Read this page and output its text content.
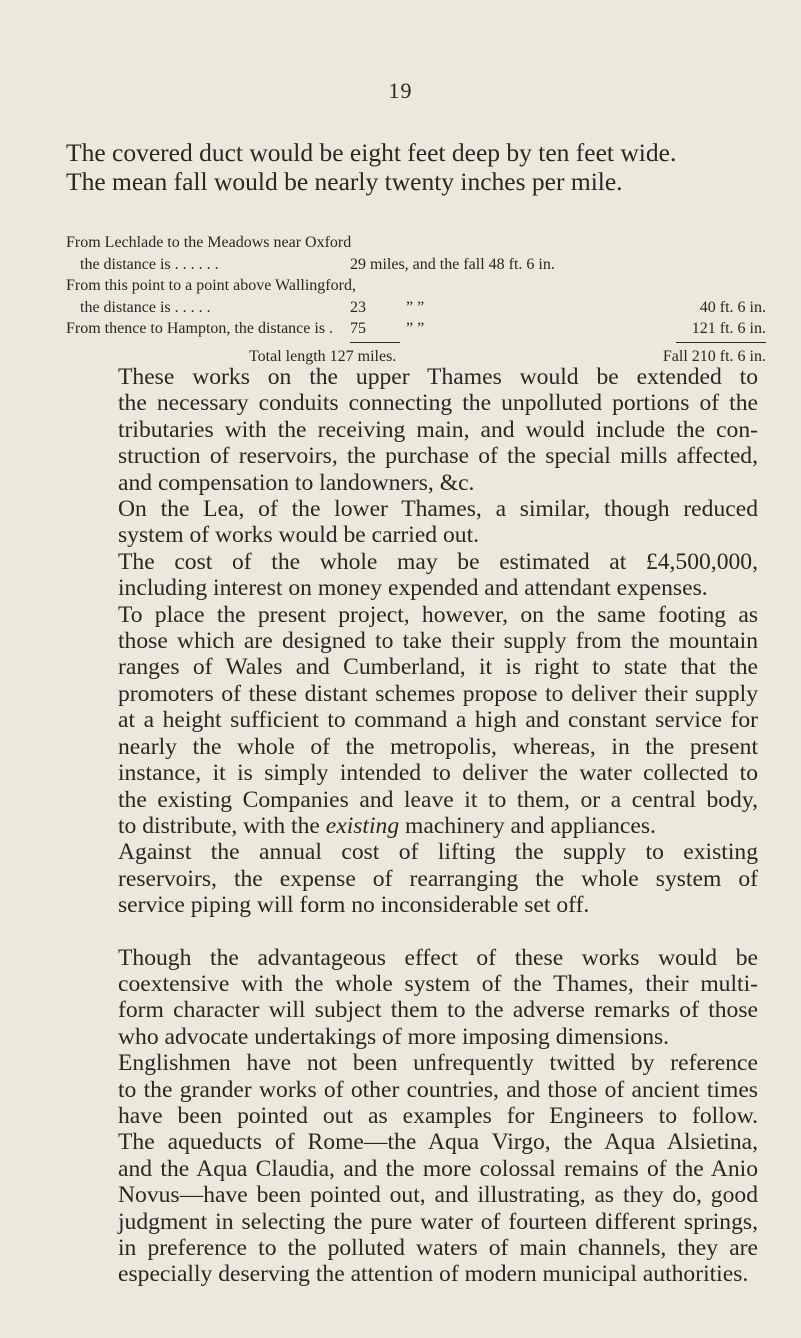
19

The covered duct would be eight feet deep by ten feet wide.

The mean fall would be nearly twenty inches per mile.

From Lechlade to the Meadows near Oxford
the distance is . . . . . .	29 miles, and the fall 48 ft. 6 in.
From this point to a point above Wallingford,
the distance is . . . . .	23	” ”	40 ft. 6 in.
From thence to Hampton, the distance is . 75	” ”	121 ft. 6 in.
Total length 127 miles.	Fall 210 ft. 6 in.

These works on the upper Thames would be extended to
the necessary conduits connecting the unpolluted portions of the
tributaries with the receiving main, and would include the con-
struction of reservoirs, the purchase of the special mills affected,
and compensation to landowners, &c.

On the Lea, of the lower Thames, a similar, though reduced
system of works would be carried out.

The cost of the whole may be estimated at £4,500,000,
including interest on money expended and attendant expenses.

To place the present project, however, on the same footing as
those which are designed to take their supply from the mountain
ranges of Wales and Cumberland, it is right to state that the
promoters of these distant schemes propose to deliver their supply
at a height sufficient to command a high and constant service for
nearly the whole of the metropolis, whereas, in the present
instance, it is simply intended to deliver the water collected to
the existing Companies and leave it to them, or a central body,
to distribute, with the existing machinery and appliances.

Against the annual cost of lifting the supply to existing
reservoirs, the expense of rearranging the whole system of
service piping will form no inconsiderable set off.

Though the advantageous effect of these works would be
coextensive with the whole system of the Thames, their multi-
form character will subject them to the adverse remarks of those
who advocate undertakings of more imposing dimensions.

Englishmen have not been unfrequently twitted by reference
to the grander works of other countries, and those of ancient times
have been pointed out as examples for Engineers to follow.
The aqueducts of Rome—the Aqua Virgo, the Aqua Alsietina,
and the Aqua Claudia, and the more colossal remains of the Anio
Novus—have been pointed out, and illustrating, as they do, good
judgment in selecting the pure water of fourteen different springs,
in preference to the polluted waters of main channels, they are
especially deserving the attention of modern municipal authorities.
